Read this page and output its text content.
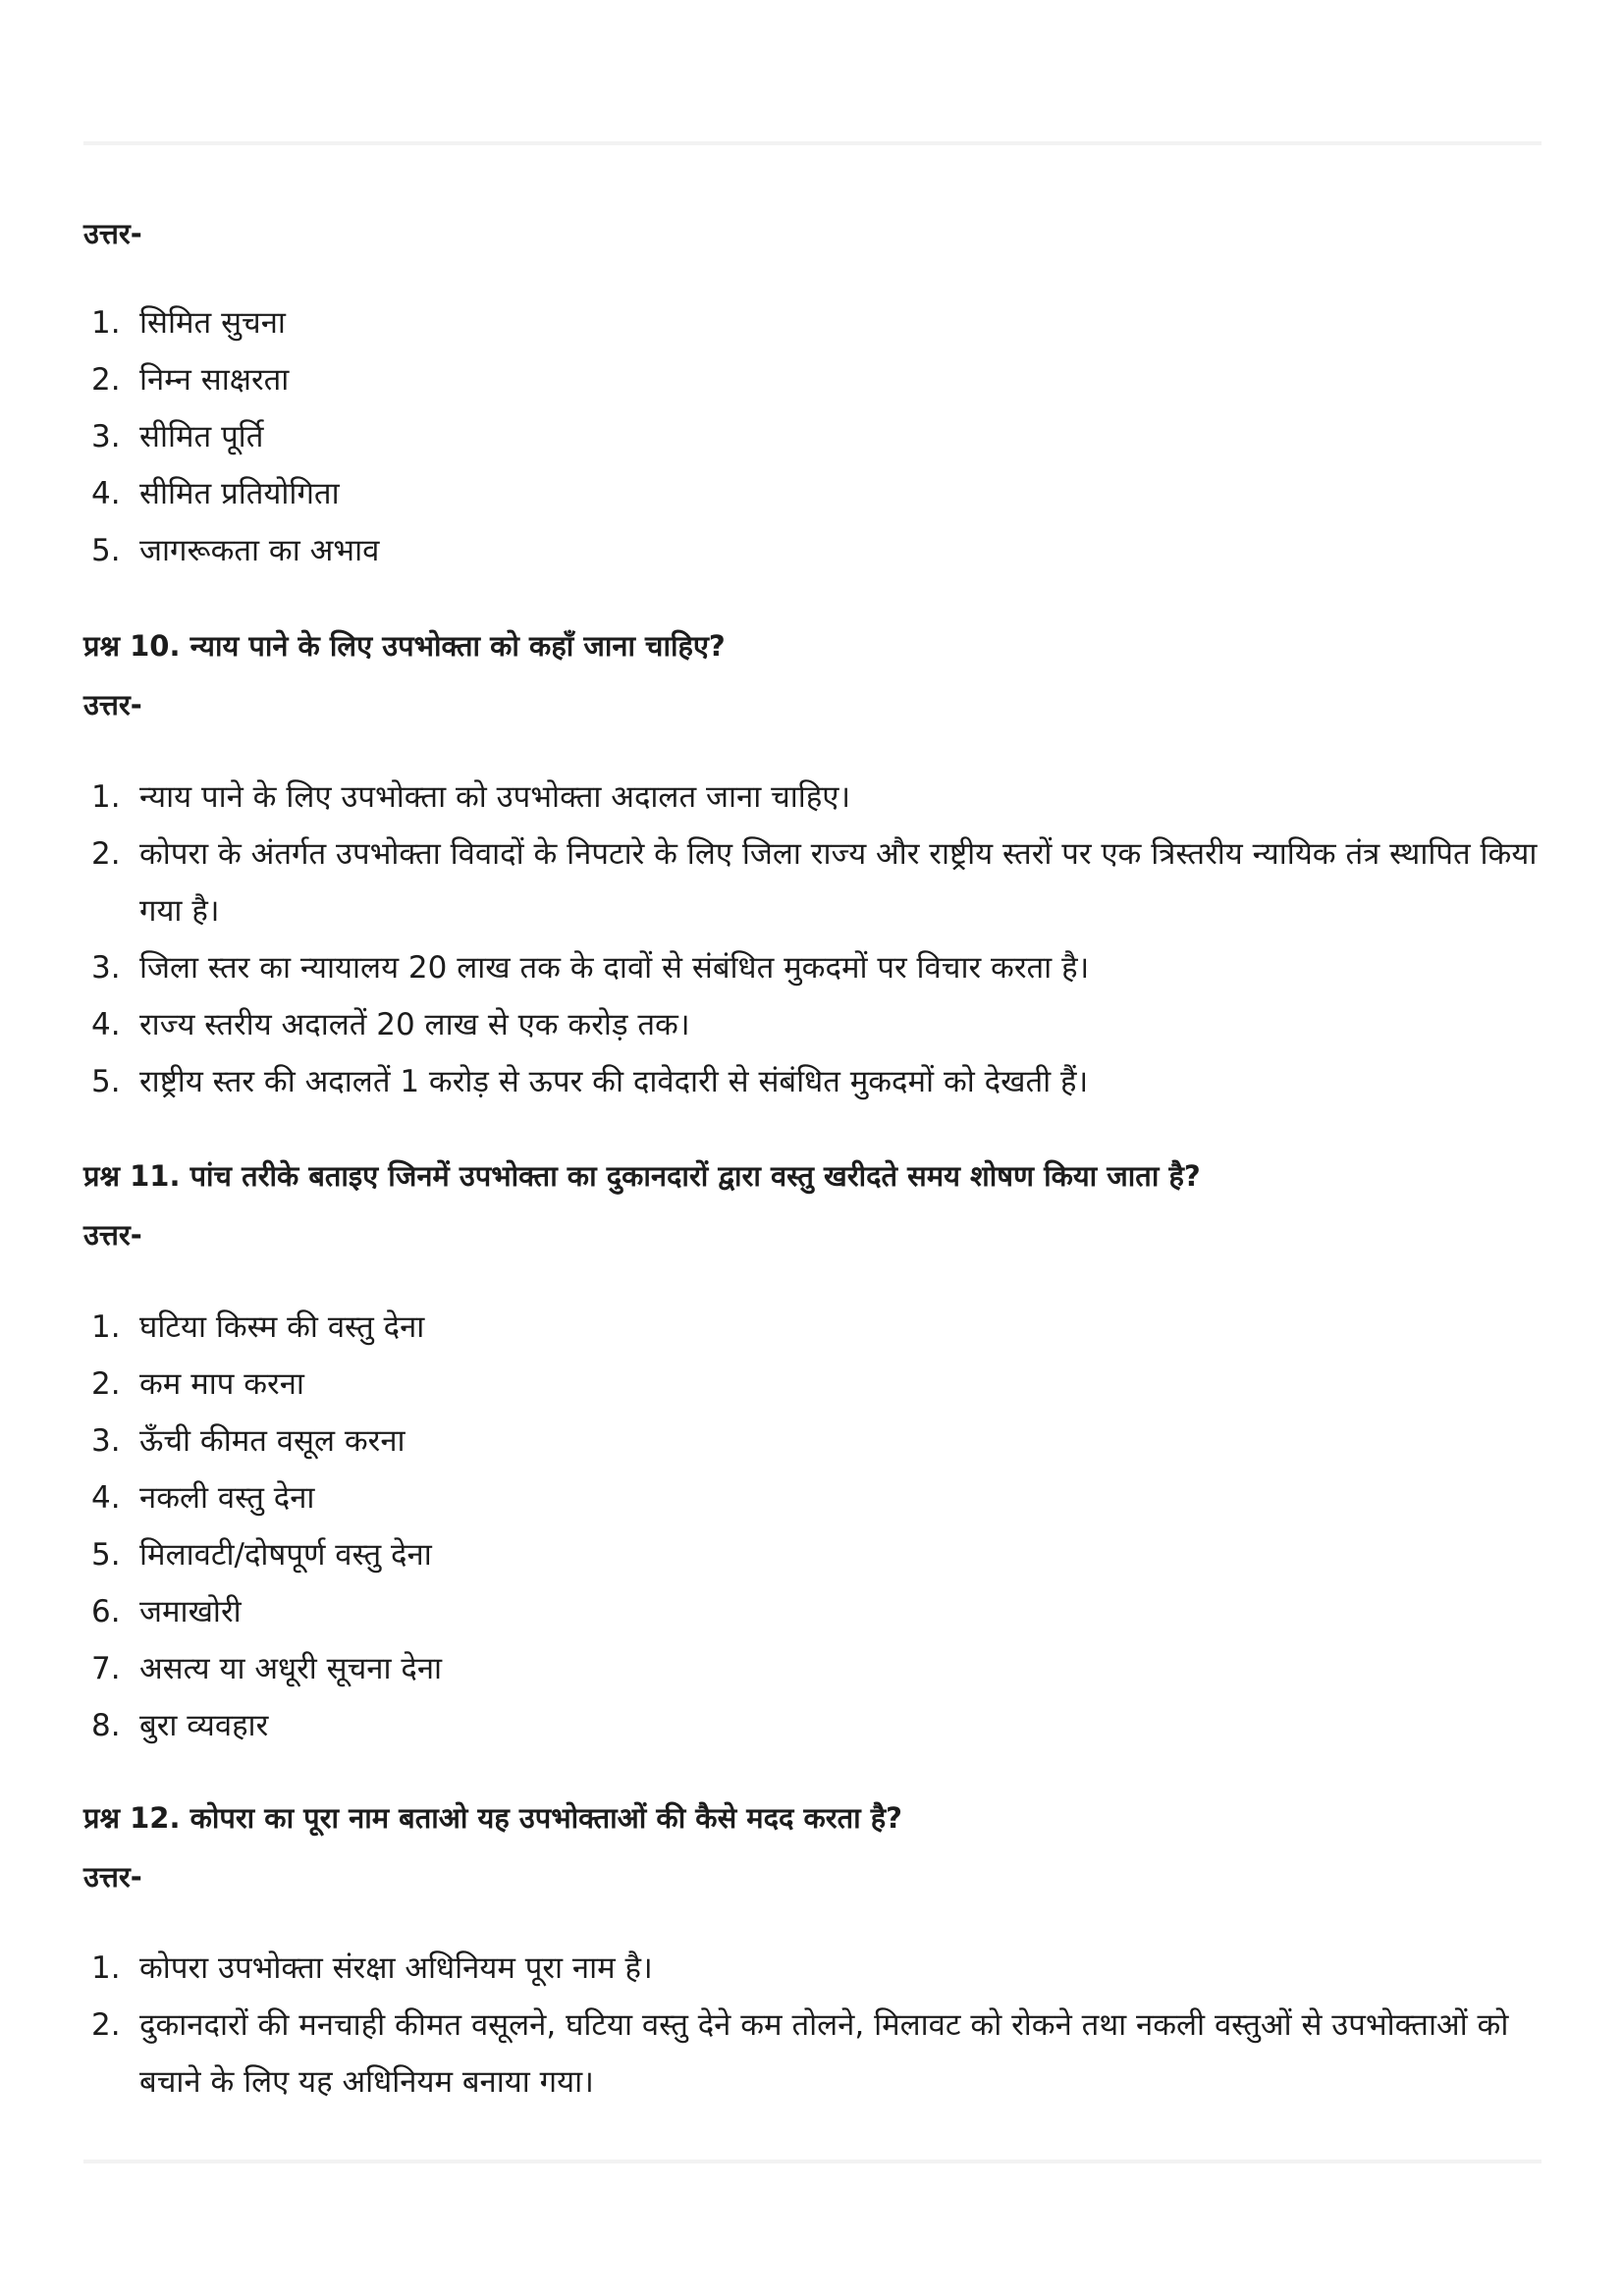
उत्तर-
1. सिमित सुचना
2. निम्न साक्षरता
3. सीमित पूर्ति
4. सीमित प्रतियोगिता
5. जागरूकता का अभाव
प्रश्न 10. न्याय पाने के लिए उपभोक्ता को कहाँ जाना चाहिए?
उत्तर-
1. न्याय पाने के लिए उपभोक्ता को उपभोक्ता अदालत जाना चाहिए।
2. कोपरा के अंतर्गत उपभोक्ता विवादों के निपटारे के लिए जिला राज्य और राष्ट्रीय स्तरों पर एक त्रिस्तरीय न्यायिक तंत्र स्थापित किया गया है।
3. जिला स्तर का न्यायालय 20 लाख तक के दावों से संबंधित मुकदमों पर विचार करता है।
4. राज्य स्तरीय अदालतें 20 लाख से एक करोड़ तक।
5. राष्ट्रीय स्तर की अदालतें 1 करोड़ से ऊपर की दावेदारी से संबंधित मुकदमों को देखती हैं।
प्रश्न 11. पांच तरीके बताइए जिनमें उपभोक्ता का दुकानदारों द्वारा वस्तु खरीदते समय शोषण किया जाता है?
उत्तर-
1. घटिया किस्म की वस्तु देना
2. कम माप करना
3. ऊँची कीमत वसूल करना
4. नकली वस्तु देना
5. मिलावटी/दोषपूर्ण वस्तु देना
6. जमाखोरी
7. असत्य या अधूरी सूचना देना
8. बुरा व्यवहार
प्रश्न 12. कोपरा का पूरा नाम बताओ यह उपभोक्ताओं की कैसे मदद करता है?
उत्तर-
1. कोपरा उपभोक्ता संरक्षा अधिनियम पूरा नाम है।
2. दुकानदारों की मनचाही कीमत वसूलने, घटिया वस्तु देने कम तोलने, मिलावट को रोकने तथा नकली वस्तुओं से उपभोक्ताओं को बचाने के लिए यह अधिनियम बनाया गया।
